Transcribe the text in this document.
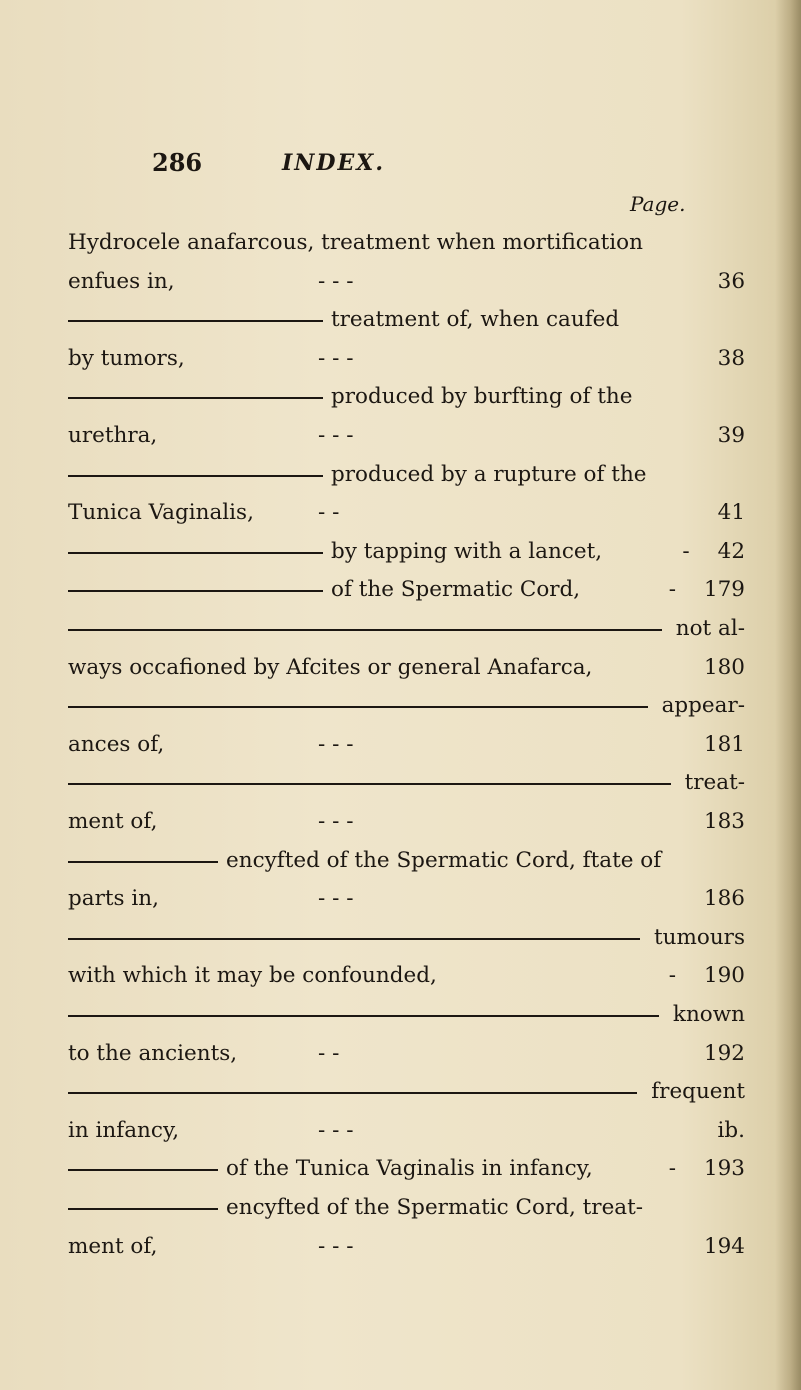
286	INDEX.
Page.
Hydrocele anafarcous, treatment when mortification
enfues in,	- - -	36
treatment of, when caufed
by tumors,	- - -	38
produced by burfting of the
urethra,	- - -	39
produced by a rupture of the
Tunica Vaginalis,	- -	41
by tapping with a lancet,	- 42
of the Spermatic Cord,	- 179
not al-
ways occafioned by Afcites or general Anafarca,	180
appear-
ances of,	- - -	181
treat-
ment of,	- - -	183
encyfted of the Spermatic Cord, ftate of
parts in,	- - -	186
tumours
with which it may be confounded,	- 190
known
to the ancients,	- -	192
frequent
in infancy,	- - -	ib.
of the Tunica Vaginalis in infancy,	- 193
encyfted of the Spermatic Cord, treat-
ment of,	- - -	194
